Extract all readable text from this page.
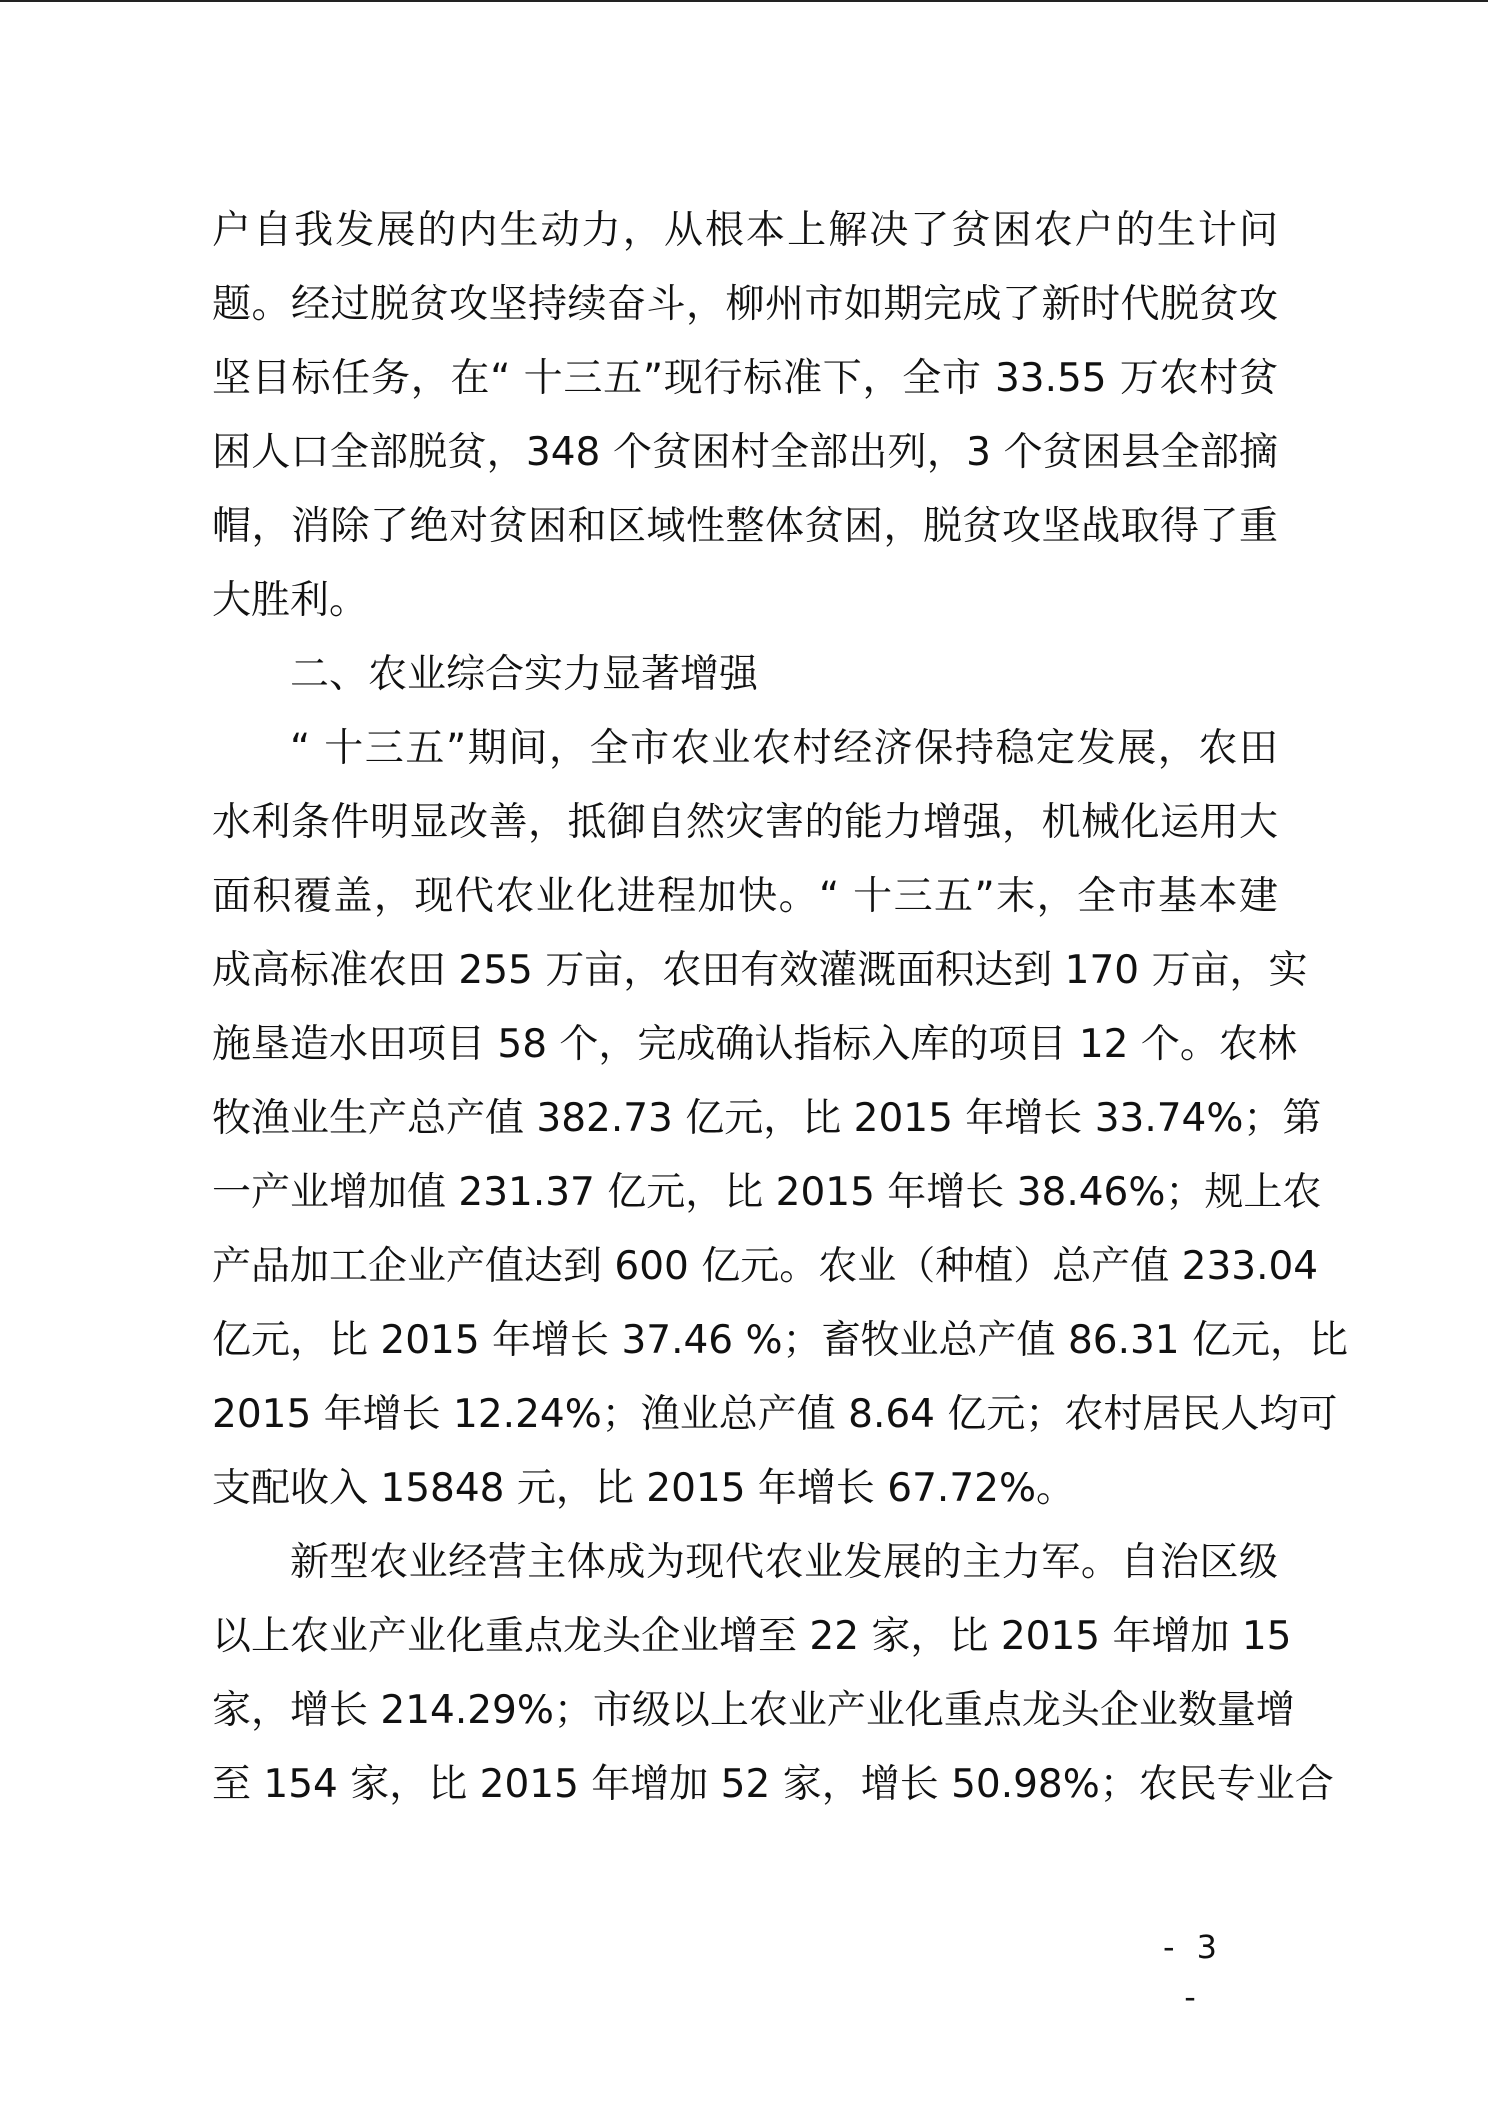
户自我发展的内生动力，从根本上解决了贫困农户的生计问
题。经过脱贫攻坚持续奋斗，柳州市如期完成了新时代脱贫攻
坚目标任务，在“ 十三五”现行标准下，全市 33.55 万农村贫
困人口全部脱贫，348 个贫困村全部出列，3 个贫困县全部摘
帽，消除了绝对贫困和区域性整体贫困，脱贫攻坚战取得了重
大胜利。
二、农业综合实力显著增强
“ 十三五”期间，全市农业农村经济保持稳定发展，农田
水利条件明显改善，抵御自然灾害的能力增强，机械化运用大
面积覆盖，现代农业化进程加快。“ 十三五”末，全市基本建
成高标准农田 255 万亩，农田有效灌溉面积达到 170 万亩，实
施垦造水田项目 58 个，完成确认指标入库的项目 12 个。农林
牧渔业生产总产值 382.73 亿元，比 2015 年增长 33.74%；第
一产业增加值 231.37 亿元，比 2015 年增长 38.46%；规上农
产品加工企业产值达到 600 亿元。农业（种植）总产值 233.04
亿元，比 2015 年增长 37.46 %；畜牧业总产值 86.31 亿元，比
2015 年增长 12.24%；渔业总产值 8.64 亿元；农村居民人均可
支配收入 15848 元，比 2015 年增长 67.72%。
新型农业经营主体成为现代农业发展的主力军。自治区级
以上农业产业化重点龙头企业增至 22 家，比 2015 年增加 15
家，增长 214.29%；市级以上农业产业化重点龙头企业数量增
至 154 家，比 2015 年增加 52 家，增长 50.98%；农民专业合
- 3 -
